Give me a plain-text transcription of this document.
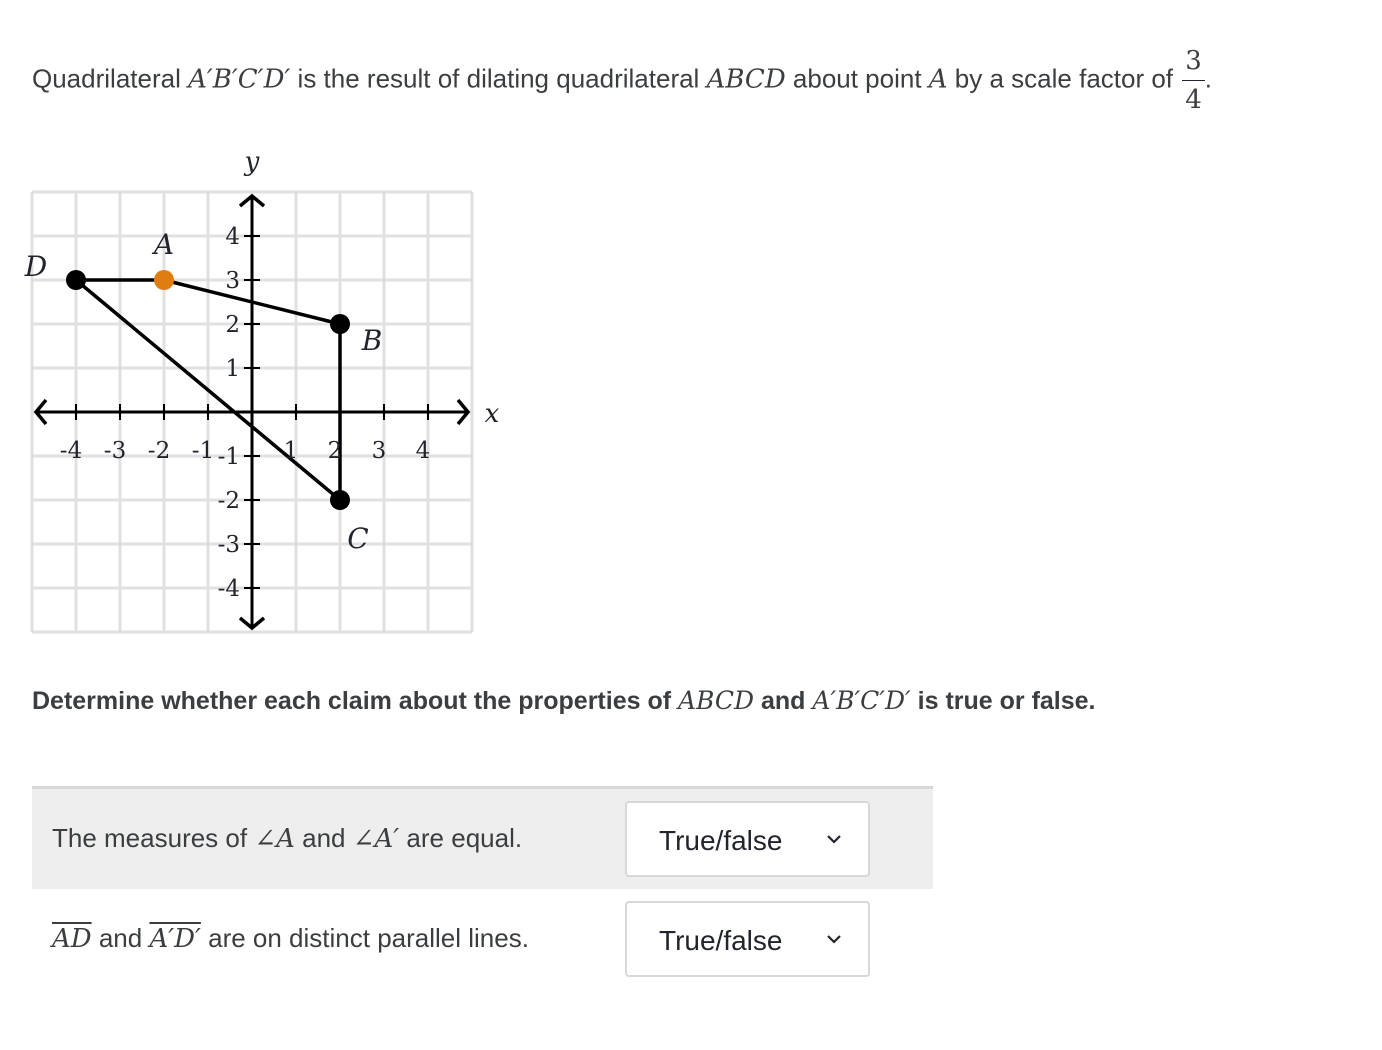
Quadrilateral A′B′C′D′ is the result of dilating quadrilateral ABCD about point A by a scale factor of $\frac{3}{4}$ .
-4 -3 -2 -1	1 2 3 4
4
3
2
1
-1
-2
-3
-4
x
y
D
A
B
C
Determine whether each claim about the properties of ABCD and A′B′C′D′ is true or false.
The measures of ∠A and ∠A′ are equal.	True/false
$\overline{AD}$ and A′D′ are on distinct parallel lines.	True/false
